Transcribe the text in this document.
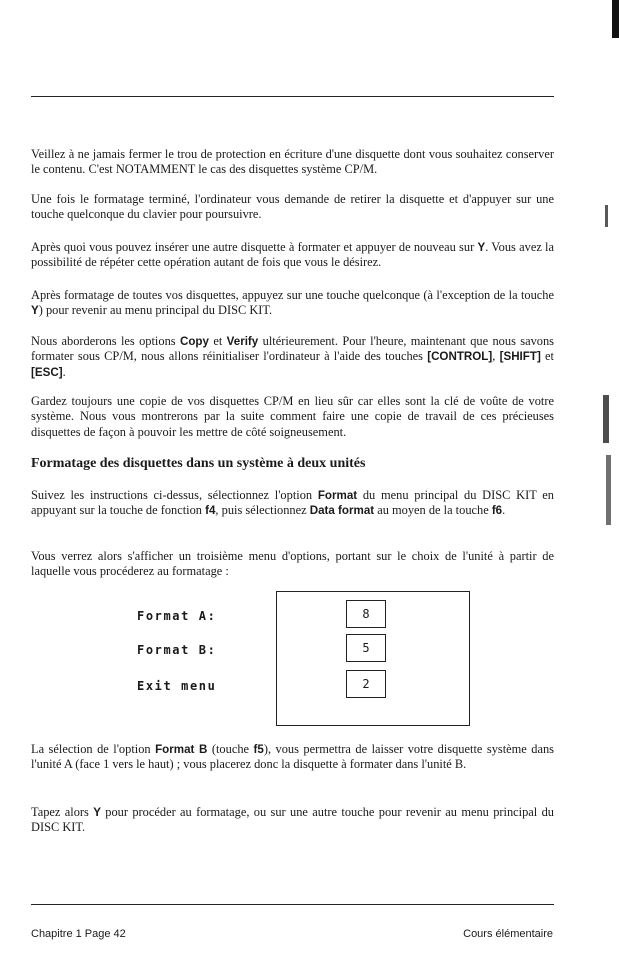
Veillez à ne jamais fermer le trou de protection en écriture d'une disquette dont vous souhaitez conserver le contenu. C'est NOTAMMENT le cas des disquettes système CP/M.

Une fois le formatage terminé, l'ordinateur vous demande de retirer la disquette et d'appuyer sur une touche quelconque du clavier pour poursuivre.

Après quoi vous pouvez insérer une autre disquette à formater et appuyer de nouveau sur Y. Vous avez la possibilité de répéter cette opération autant de fois que vous le désirez.

Après formatage de toutes vos disquettes, appuyez sur une touche quelconque (à l'exception de la touche Y) pour revenir au menu principal du DISC KIT.

Nous aborderons les options Copy et Verify ultérieurement. Pour l'heure, maintenant que nous savons formater sous CP/M, nous allons réinitialiser l'ordinateur à l'aide des touches [CONTROL], [SHIFT] et [ESC].

Gardez toujours une copie de vos disquettes CP/M en lieu sûr car elles sont la clé de voûte de votre système. Nous vous montrerons par la suite comment faire une copie de travail de ces précieuses disquettes de façon à pouvoir les mettre de côté soigneusement.

Formatage des disquettes dans un système à deux unités

Suivez les instructions ci-dessus, sélectionnez l'option Format du menu principal du DISC KIT en appuyant sur la touche de fonction f4, puis sélectionnez Data format au moyen de la touche f6.

Vous verrez alors s'afficher un troisième menu d'options, portant sur le choix de l'unité à partir de laquelle vous procéderez au formatage :

Format A:
Format B:
Exit menu
8
5
2

La sélection de l'option Format B (touche f5), vous permettra de laisser votre disquette système dans l'unité A (face 1 vers le haut) ; vous placerez donc la disquette à formater dans l'unité B.

Tapez alors Y pour procéder au formatage, ou sur une autre touche pour revenir au menu principal du DISC KIT.

Chapitre 1 Page 42	Cours élémentaire
